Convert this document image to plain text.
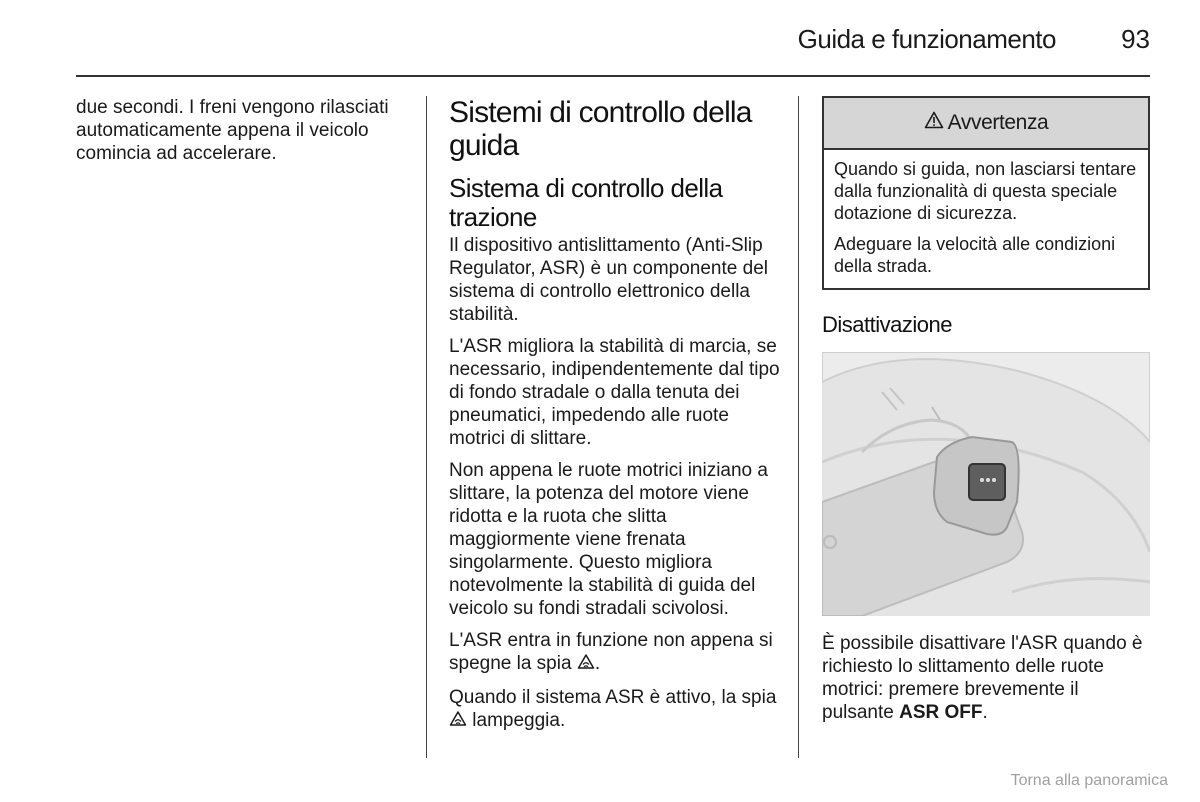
Guida e funzionamento	93

due secondi. I freni vengono rilasciati automaticamente appena il veicolo comincia ad accelerare.

Sistemi di controllo della guida
Sistema di controllo della trazione

Il dispositivo antislittamento (Anti-Slip Regulator, ASR) è un componente del sistema di controllo elettronico della stabilità.

L'ASR migliora la stabilità di marcia, se necessario, indipendentemente dal tipo di fondo stradale o dalla tenuta dei pneumatici, impedendo alle ruote motrici di slittare.

Non appena le ruote motrici iniziano a slittare, la potenza del motore viene ridotta e la ruota che slitta maggiormente viene frenata singolarmente. Questo migliora notevolmente la stabilità di guida del veicolo su fondi stradali scivolosi.

L'ASR entra in funzione non appena si spegne la spia .

Quando il sistema ASR è attivo, la spia  lampeggia.

Avvertenza

Quando si guida, non lasciarsi tentare dalla funzionalità di questa speciale dotazione di sicurezza.

Adeguare la velocità alle condizioni della strada.

Disattivazione

È possibile disattivare l'ASR quando è richiesto lo slittamento delle ruote motrici: premere brevemente il pulsante ASR OFF.

Torna alla panoramica
